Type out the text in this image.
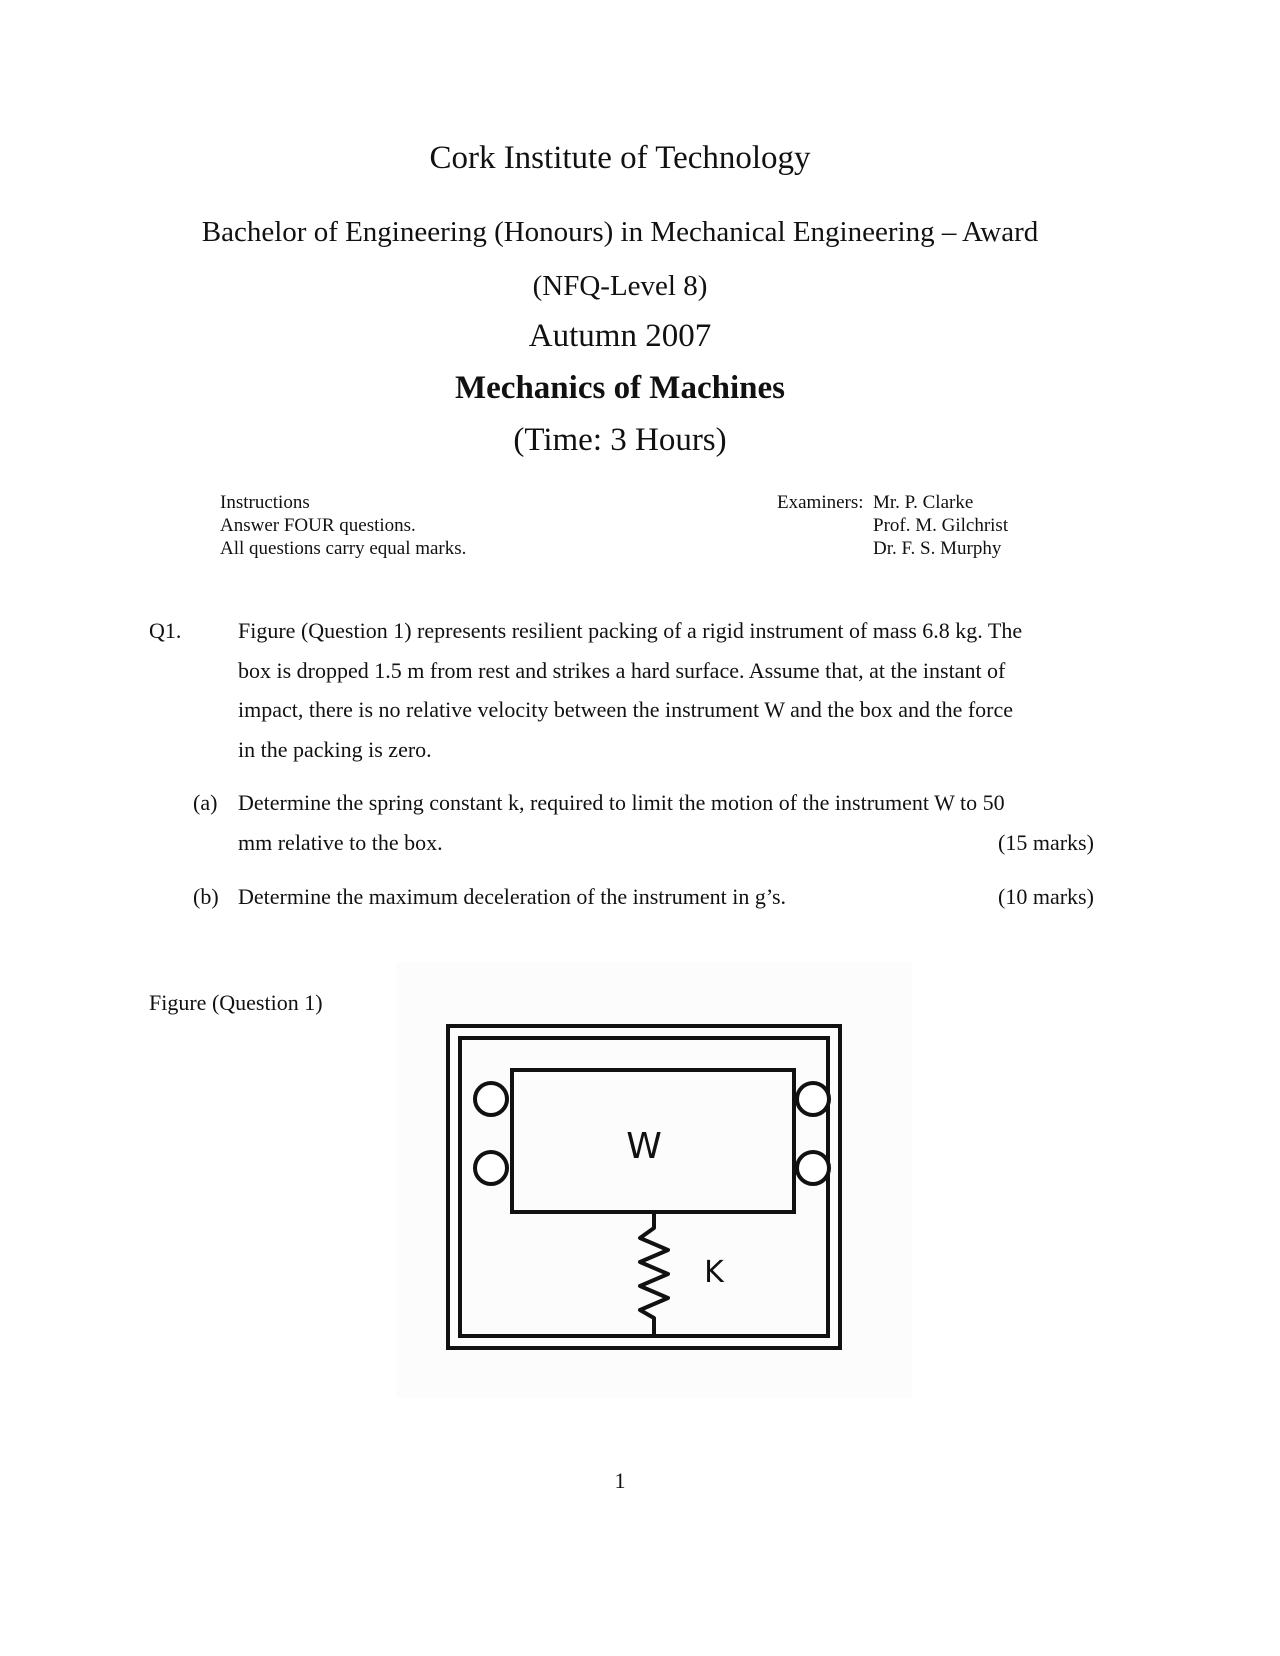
Cork Institute of Technology
Bachelor of Engineering (Honours) in Mechanical Engineering – Award
(NFQ-Level 8)
Autumn 2007
Mechanics of Machines
(Time: 3 Hours)
Instructions
Answer FOUR questions.
All questions carry equal marks.
Examiners: Mr. P. Clarke
Prof. M. Gilchrist
Dr. F. S. Murphy
Q1.	Figure (Question 1) represents resilient packing of a rigid instrument of mass 6.8 kg. The
box is dropped 1.5 m from rest and strikes a hard surface. Assume that, at the instant of
impact, there is no relative velocity between the instrument W and the box and the force
in the packing is zero.
(a) Determine the spring constant k, required to limit the motion of the instrument W to 50
mm relative to the box.	(15 marks)
(b) Determine the maximum deceleration of the instrument in g’s.	(10 marks)
Figure (Question 1)
W
K
1
